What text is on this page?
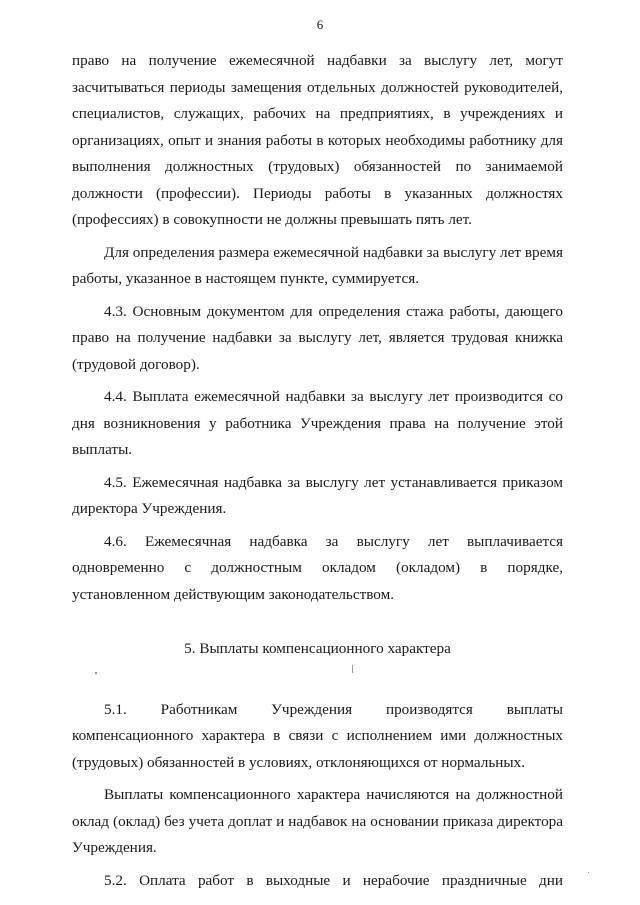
6
право на получение ежемесячной надбавки за выслугу лет, могут
засчитываться периоды замещения отдельных должностей руководителей,
специалистов, служащих, рабочих на предприятиях, в учреждениях и
организациях, опыт и знания работы в которых необходимы работнику для
выполнения должностных (трудовых) обязанностей по занимаемой
должности (профессии). Периоды работы в указанных должностях
(профессиях) в совокупности не должны превышать пять лет.
Для определения размера ежемесячной надбавки за выслугу лет время
работы, указанное в настоящем пункте, суммируется.
4.3. Основным документом для определения стажа работы, дающего
право на получение надбавки за выслугу лет, является трудовая книжка
(трудовой договор).
4.4. Выплата ежемесячной надбавки за выслугу лет производится со
дня возникновения у работника Учреждения права на получение этой
выплаты.
4.5. Ежемесячная надбавка за выслугу лет устанавливается приказом
директора Учреждения.
4.6. Ежемесячная надбавка за выслугу лет выплачивается
одновременно с должностным окладом (окладом) в порядке,
установленном действующим законодательством.
5. Выплаты компенсационного характера
5.1. Работникам Учреждения производятся выплаты
компенсационного характера в связи с исполнением ими должностных
(трудовых) обязанностей в условиях, отклоняющихся от нормальных.
Выплаты компенсационного характера начисляются на должностной
оклад (оклад) без учета доплат и надбавок на основании приказа директора
Учреждения.
5.2. Оплата работ в выходные и нерабочие праздничные дни
